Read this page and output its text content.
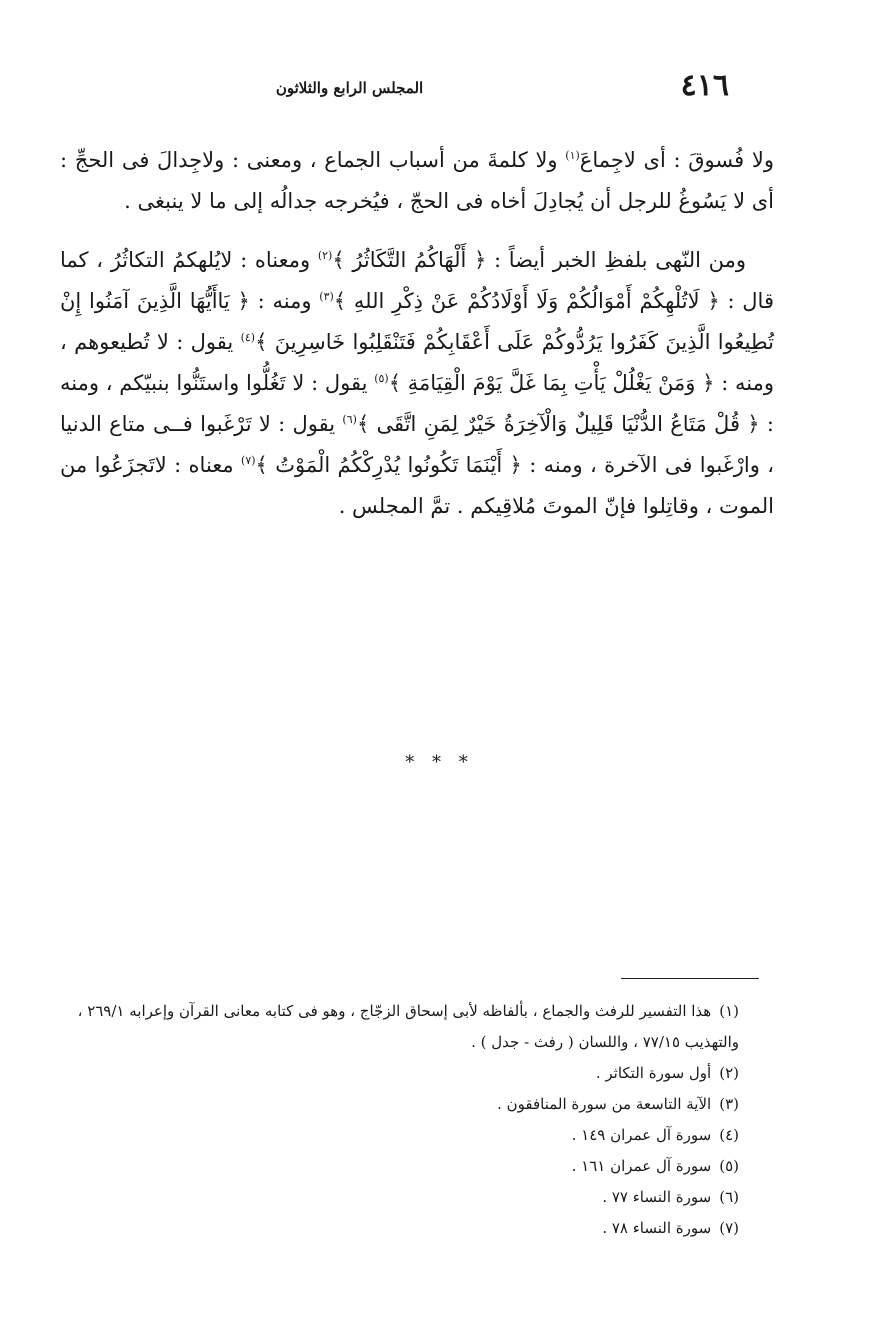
٤١٦
المجلس الرابع والثلاثون

ولا فُسوقَ : أى لاجِماعَ$^{(١)}$ ولا كلمةَ من أسباب الجماع ، ومعنى : ولاجِدالَ فى الحجِّ : أى لا يَسُوغُ للرجل أن يُجادِلَ أخاه فى الحجّ ، فيُخرجه جدالُه إلى ما لا ينبغى .

ومن النّهى بلفظِ الخبر أيضاً : ﴿ أَلْهَاكُمُ التَّكَاثُرُ ﴾$^{(٢)}$ ومعناه : لايُلهكمُ التكاثُرُ ، كما قال : ﴿ لَاتُلْهِكُمْ أَمْوَالُكُمْ وَلَا أَوْلَادُكُمْ عَنْ ذِكْرِ اللهِ ﴾$^{(٣)}$ ومنه : ﴿ يَاأَيُّهَا الَّذِينَ آمَنُوا إِنْ تُطِيعُوا الَّذِينَ كَفَرُوا يَرُدُّوكُمْ عَلَى أَعْقَابِكُمْ فَتَنْقَلِبُوا خَاسِرِينَ ﴾$^{(٤)}$ يقول : لا تُطيعوهم ، ومنه : ﴿ وَمَنْ يَغْلُلْ يَأْتِ بِمَا غَلَّ يَوْمَ الْقِيَامَةِ ﴾$^{(٥)}$ يقول : لا تَغُلُّوا واستَنُّوا بنبيّكم ، ومنه : ﴿ قُلْ مَتَاعُ الدُّنْيَا قَلِيلٌ وَالْآخِرَةُ خَيْرٌ لِمَنِ اتَّقَى ﴾$^{(٦)}$ يقول : لا تَرْغَبوا فــى متاع الدنيا ، وارْغَبوا فى الآخرة ، ومنه : ﴿ أَيْنَمَا تَكُونُوا يُدْرِكْكُمُ الْمَوْتُ ﴾$^{(٧)}$ معناه : لاتَجزَعُوا من الموت ، وقاتِلوا فإنّ الموتَ مُلاقِيكم . تمَّ المجلس .

* * *
(١)هذا التفسير للرفث والجماع ، بألفاظه لأبى إسحاق الزجّاج ، وهو فى كتابه معانى القرآن وإعرابه ٢٦٩/١ ، والتهذيب ٧٧/١٥ ، واللسان ( رفث - جدل ) .
(٢)أول سورة التكاثر .
(٣)الآية التاسعة من سورة المنافقون .
(٤)سورة آل عمران ١٤٩ .
(٥)سورة آل عمران ١٦١ .
(٦)سورة النساء ٧٧ .
(٧)سورة النساء ٧٨ .
